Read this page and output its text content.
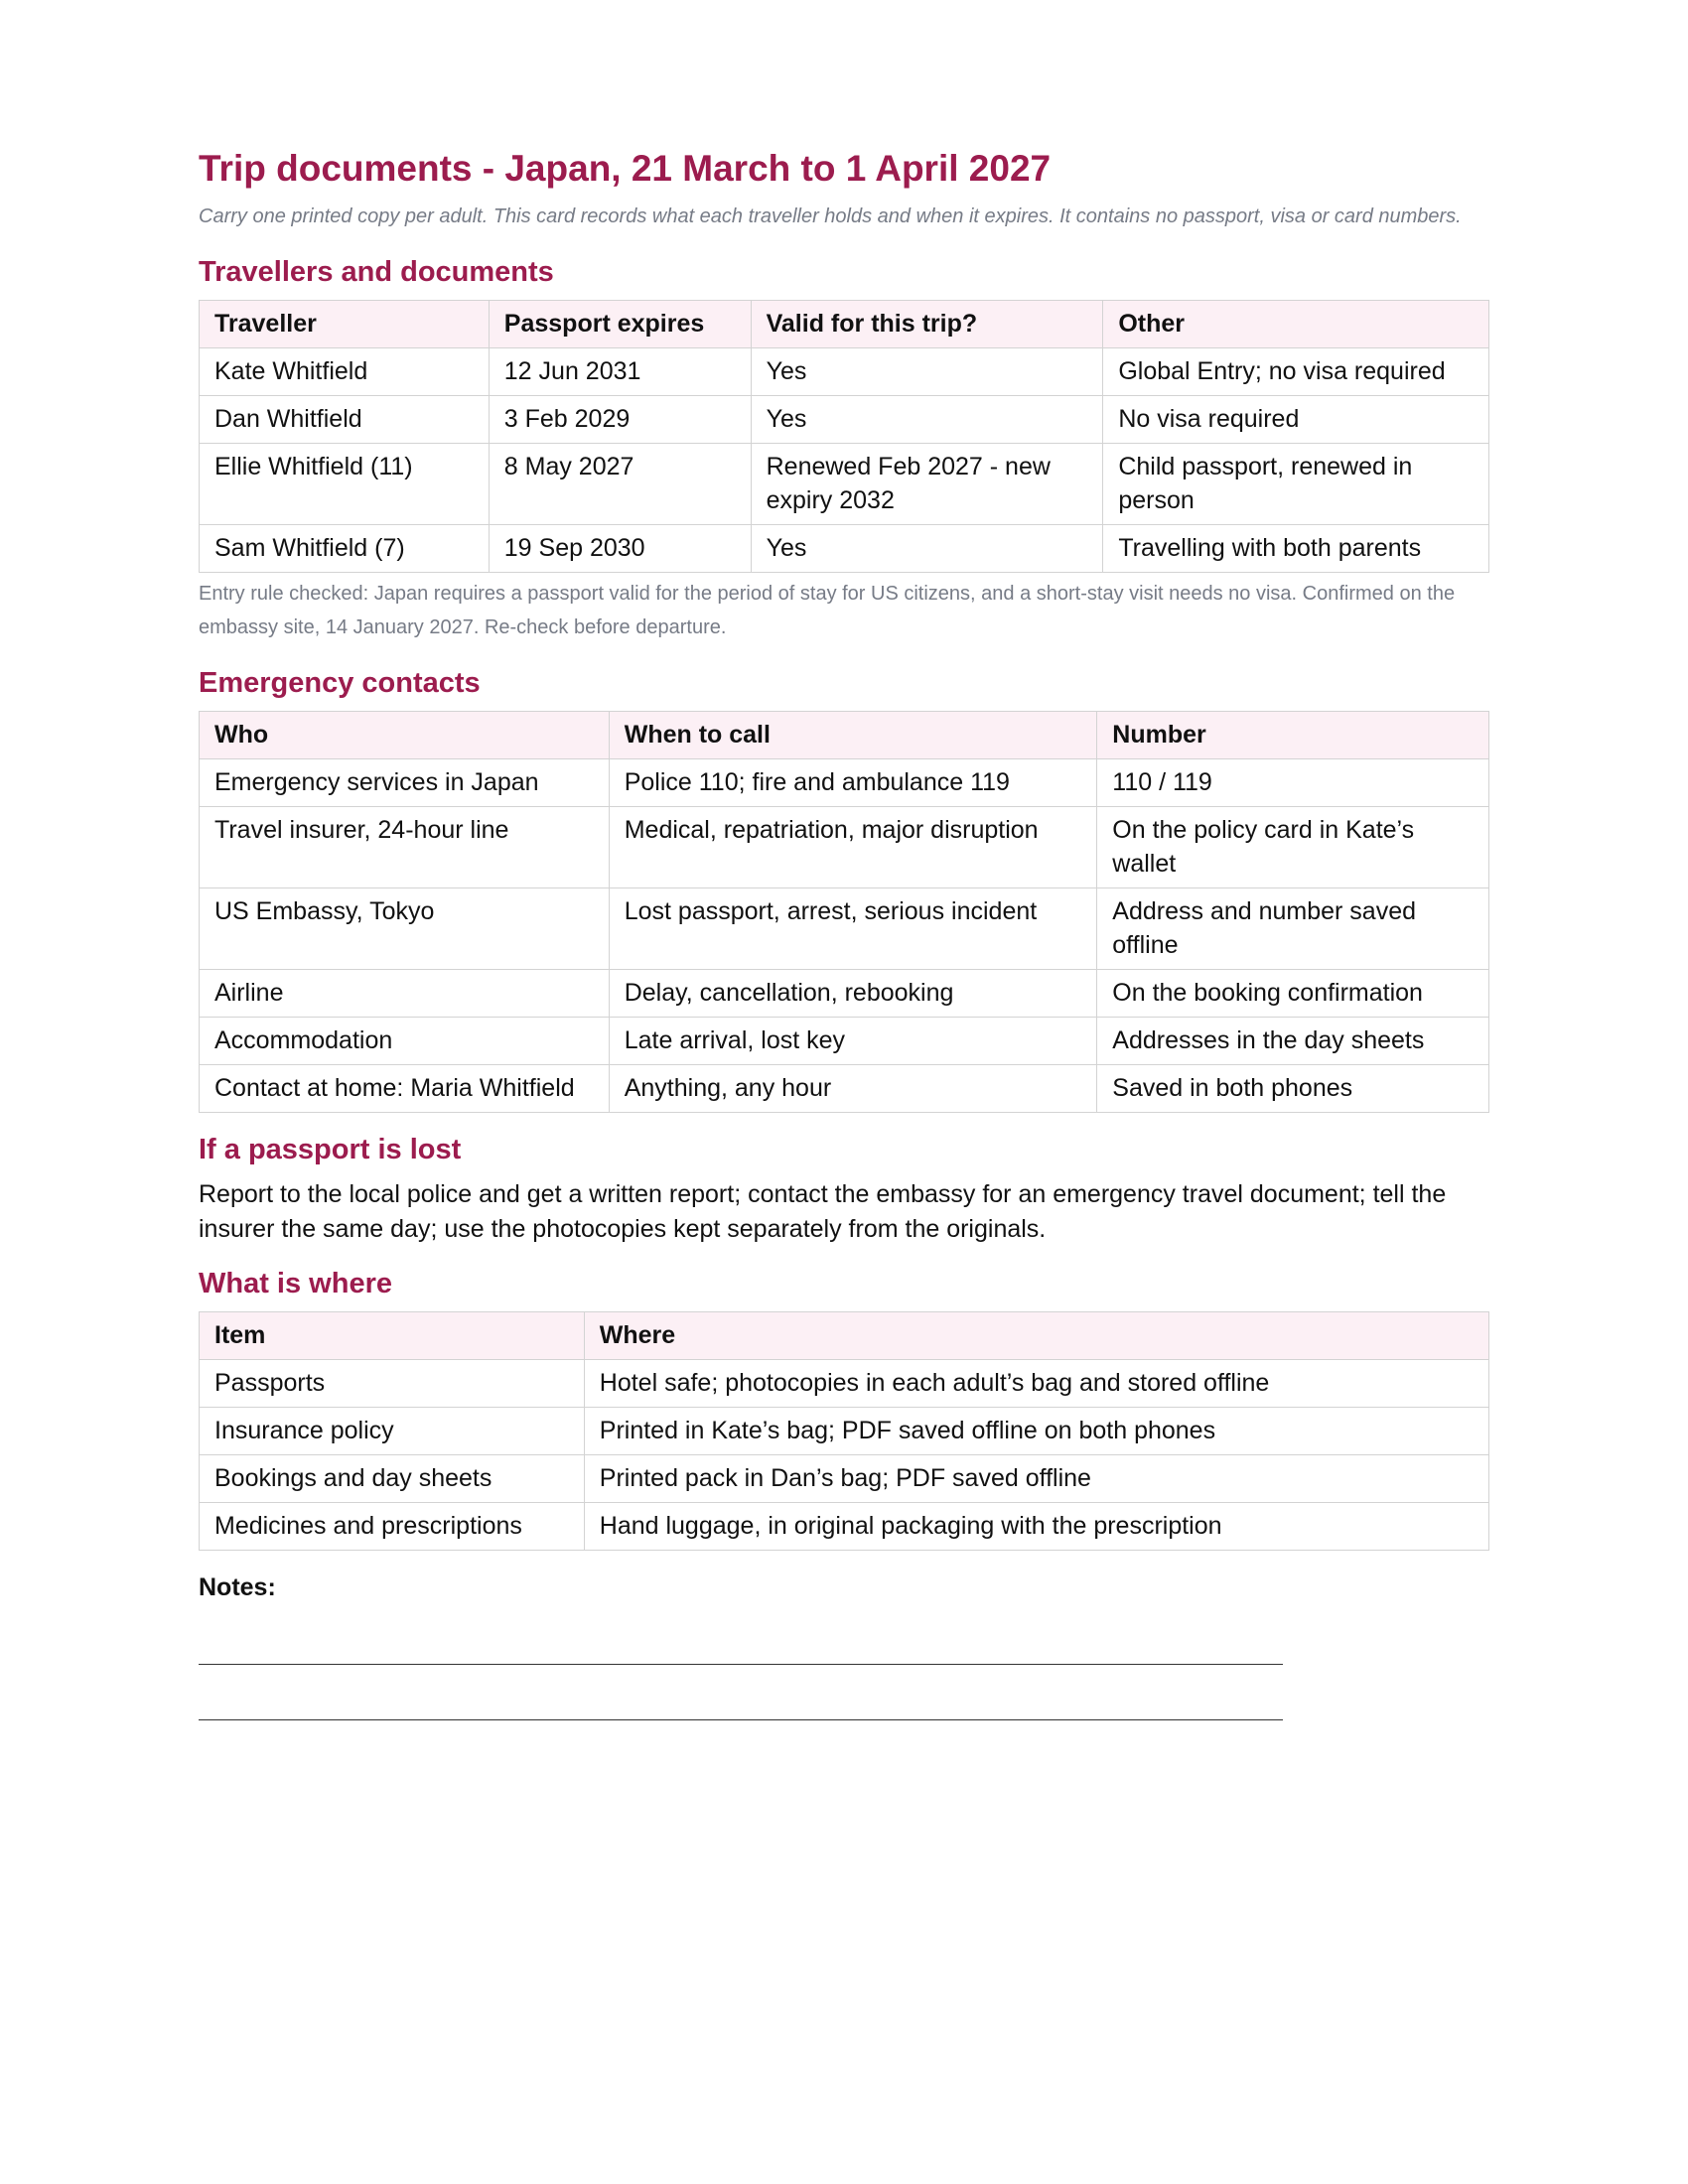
Trip documents - Japan, 21 March to 1 April 2027

Carry one printed copy per adult. This card records what each traveller holds and when it expires. It contains no passport, visa or card numbers.

Travellers and documents
Traveller	Passport expires	Valid for this trip?	Other
Kate Whitfield	12 Jun 2031	Yes	Global Entry; no visa required
Dan Whitfield	3 Feb 2029	Yes	No visa required
Ellie Whitfield (11)	8 May 2027	Renewed Feb 2027 - new expiry 2032	Child passport, renewed in person
Sam Whitfield (7)	19 Sep 2030	Yes	Travelling with both parents

Entry rule checked: Japan requires a passport valid for the period of stay for US citizens, and a short-stay visit needs no visa. Confirmed on the embassy site, 14 January 2027. Re-check before departure.

Emergency contacts
Who	When to call	Number
Emergency services in Japan	Police 110; fire and ambulance 119	110 / 119
Travel insurer, 24-hour line	Medical, repatriation, major disruption	On the policy card in Kate’s wallet
US Embassy, Tokyo	Lost passport, arrest, serious incident	Address and number saved offline
Airline	Delay, cancellation, rebooking	On the booking confirmation
Accommodation	Late arrival, lost key	Addresses in the day sheets
Contact at home: Maria Whitfield	Anything, any hour	Saved in both phones
If a passport is lost

Report to the local police and get a written report; contact the embassy for an emergency travel document; tell the insurer the same day; use the photocopies kept separately from the originals.

What is where
Item	Where
Passports	Hotel safe; photocopies in each adult’s bag and stored offline
Insurance policy	Printed in Kate’s bag; PDF saved offline on both phones
Bookings and day sheets	Printed pack in Dan’s bag; PDF saved offline
Medicines and prescriptions	Hand luggage, in original packaging with the prescription
Notes:
